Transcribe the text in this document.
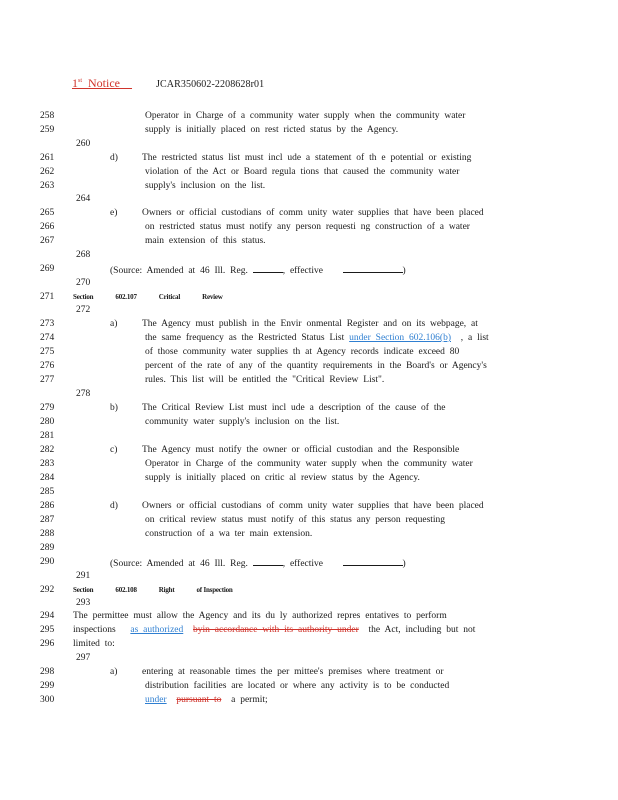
1st Notice	JCAR350602-2208628r01
258	Operator in Charge of a community water supply when the community water
259	supply is initially placed on rest ricted status by the Agency.
260
261	d)	The restricted status list must incl ude a statement of th e potential or existing
262	violation of the Act or Board regula tions that caused the community water
263	supply's inclusion on the list.
264
265	e)	Owners or official custodians of comm unity water supplies that have been placed
266	on restricted status must notify any person requesti ng construction of a water
267	main extension of this status.
268
269	(Source: Amended at 46 Ill. Reg.	, effective	)
270
271	Section	602.107	Critical	Review
272
273	a)	The Agency must publish in the Envir onmental Register and on its webpage, at
274	the same frequency as the Restricted Status List under Section 602.106(b) , a list
275	of those community water supplies th at Agency records indicate exceed 80
276	percent of the rate of any of the quantity requirements in the Board's or Agency's
277	rules. This list will be entitled the "Critical Review List".
278
279	b)	The Critical Review List must incl ude a description of the cause of the
280	community water supply's inclusion on the list.
281
282	c)	The Agency must notify the owner or official custodian and the Responsible
283	Operator in Charge of the community water supply when the community water
284	supply is initially placed on critic al review status by the Agency.
285
286	d)	Owners or official custodians of comm unity water supplies that have been placed
287	on critical review status must notify of this status any person requesting
288	construction of a wa ter main extension.
289
290	(Source: Amended at 46 Ill. Reg.	, effective	)
291
292	Section	602.108	Right	of Inspection
293
294 The permittee must allow the Agency and its du ly authorized repres entatives to perform
295 inspections as authorized byin accordance with its authority under the Act, including but not
296 limited to:
297
298	a)	entering at reasonable times the per mittee's premises where treatment or
299	distribution facilities are located or where any activity is to be conducted
300	under pursuant to a permit;
